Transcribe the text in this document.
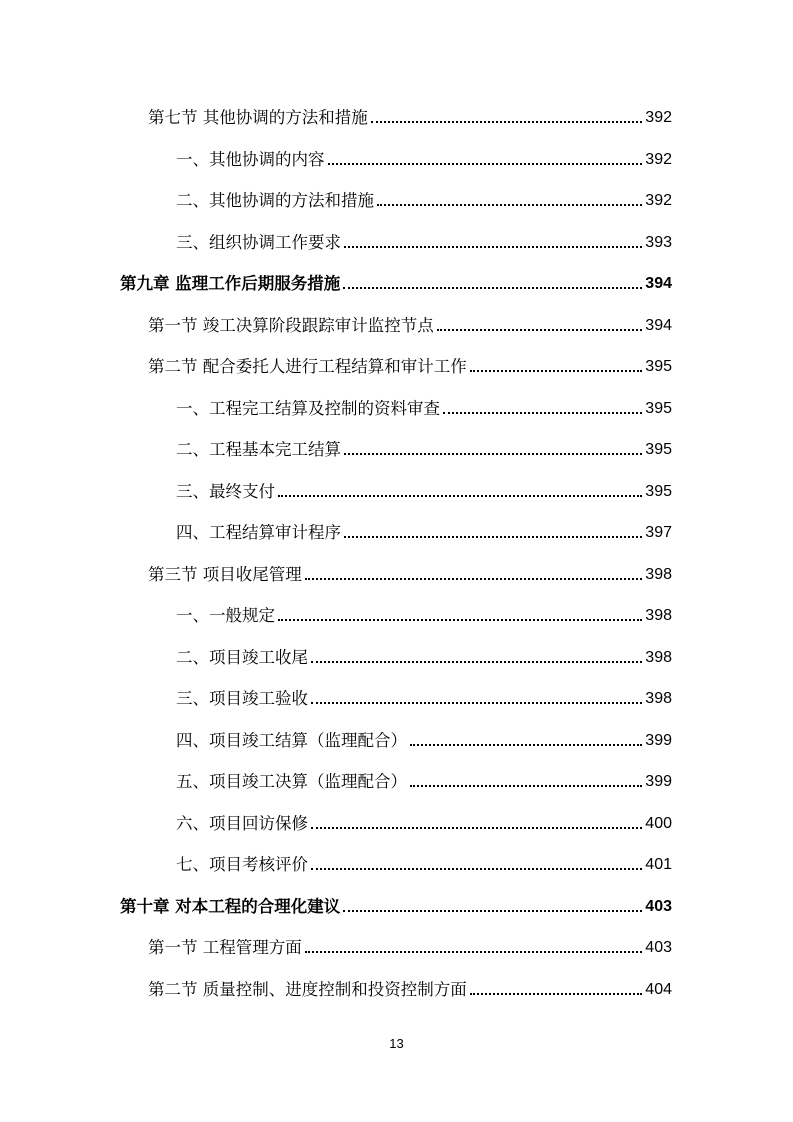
第七节 其他协调的方法和措施	392
一、其他协调的内容	392
二、其他协调的方法和措施	392
三、组织协调工作要求	393
第九章 监理工作后期服务措施	394
第一节 竣工决算阶段跟踪审计监控节点	394
第二节 配合委托人进行工程结算和审计工作	395
一、工程完工结算及控制的资料审查	395
二、工程基本完工结算	395
三、最终支付	395
四、工程结算审计程序	397
第三节 项目收尾管理	398
一、一般规定	398
二、项目竣工收尾	398
三、项目竣工验收	398
四、项目竣工结算（监理配合）	399
五、项目竣工决算（监理配合）	399
六、项目回访保修	400
七、项目考核评价	401
第十章 对本工程的合理化建议	403
第一节 工程管理方面	403
第二节 质量控制、进度控制和投资控制方面	404
13
